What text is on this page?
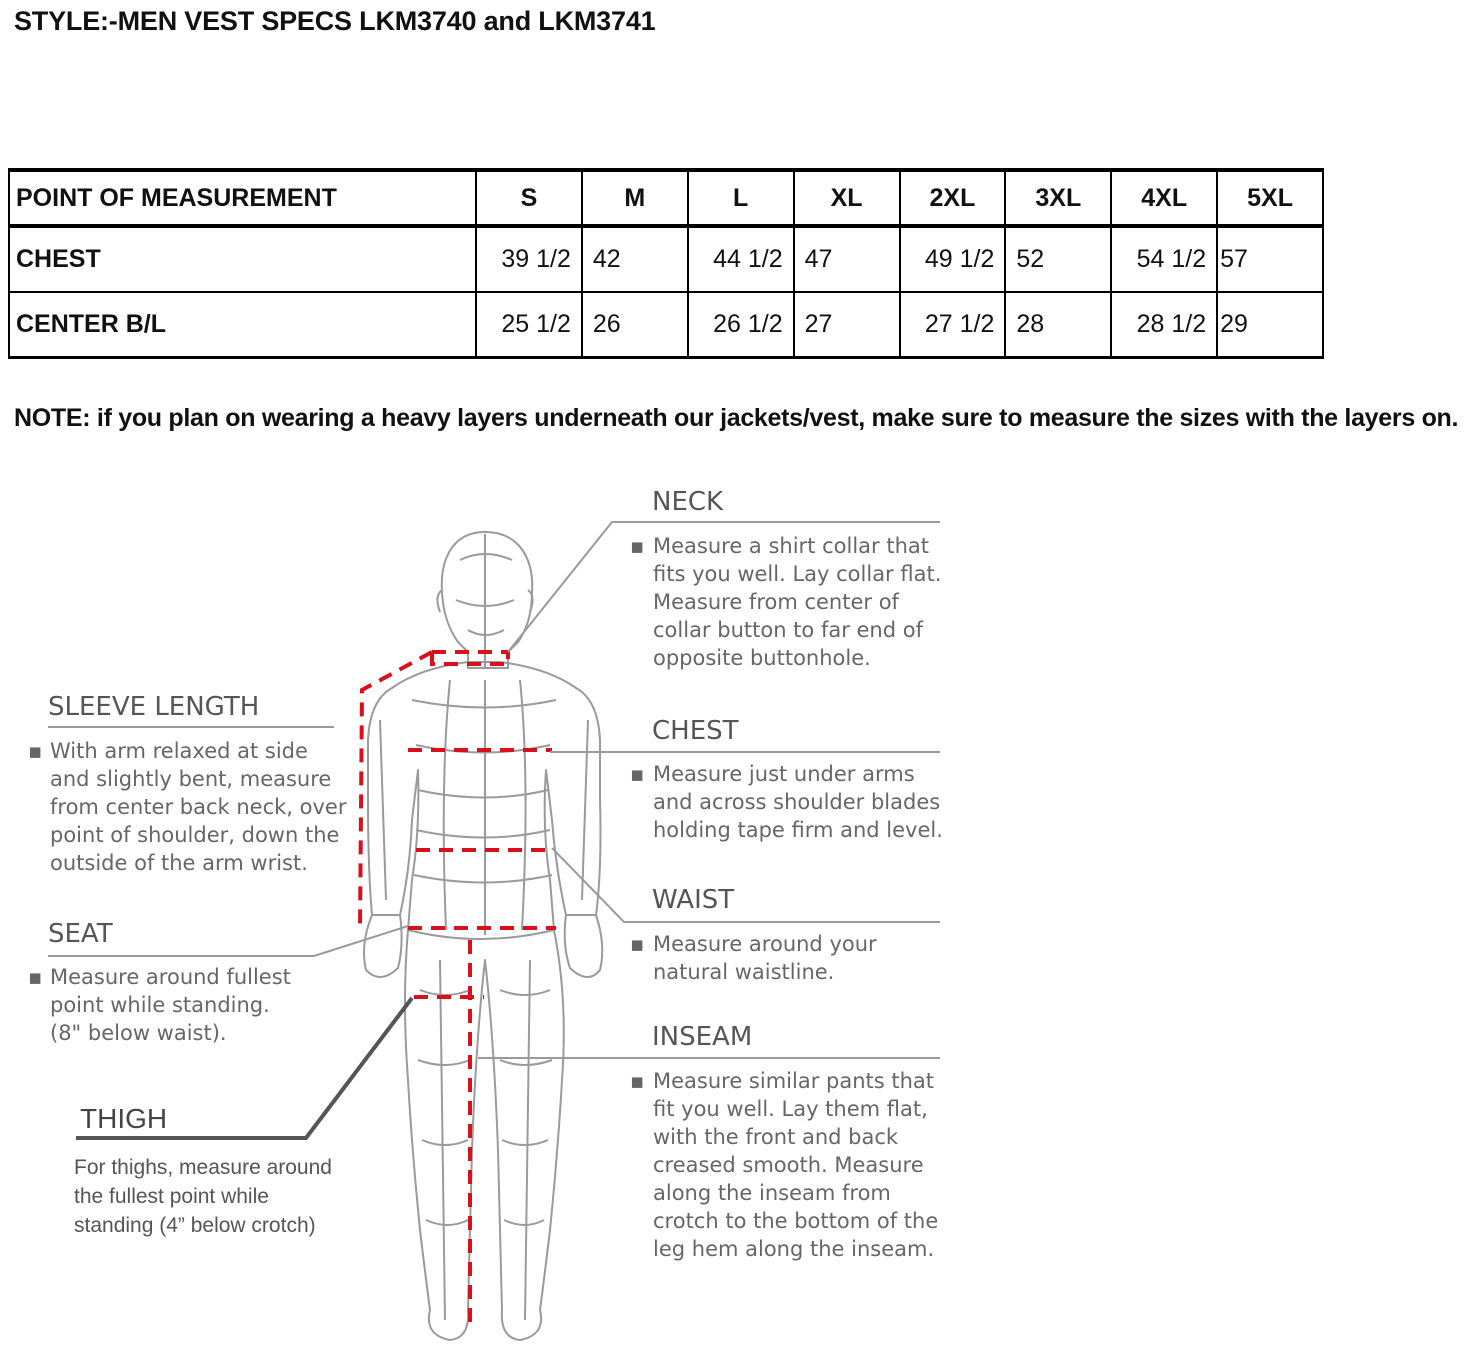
STYLE:-MEN VEST SPECS LKM3740 and LKM3741
POINT OF MEASUREMENT	S	M	L	XL	2XL	3XL	4XL	5XL
CHEST	39 1/2	42	44 1/2	47	49 1/2	52	54 1/2	57
CENTER B/L	25 1/2	26	26 1/2	27	27 1/2	28	28 1/2	29
NOTE: if you plan on wearing a heavy layers underneath our jackets/vest, make sure to measure the sizes with the layers on.
NECK
▪ Measure a shirt collar that
fits you well. Lay collar flat.
Measure from center of
collar button to far end of
opposite buttonhole.
SLEEVE LENGTH
▪ With arm relaxed at side
and slightly bent, measure
from center back neck, over
point of shoulder, down the
outside of the arm wrist.
CHEST
▪ Measure just under arms
and across shoulder blades
holding tape firm and level.
WAIST
▪ Measure around your
natural waistline.
SEAT
▪ Measure around fullest
point while standing.
(8" below waist).	INSEAM
▪ Measure similar pants that
fit you well. Lay them flat,
with the front and back
creased smooth. Measure
along the inseam from
crotch to the bottom of the
leg hem along the inseam.
THIGH
For thighs, measure around
the fullest point while
standing (4” below crotch)
